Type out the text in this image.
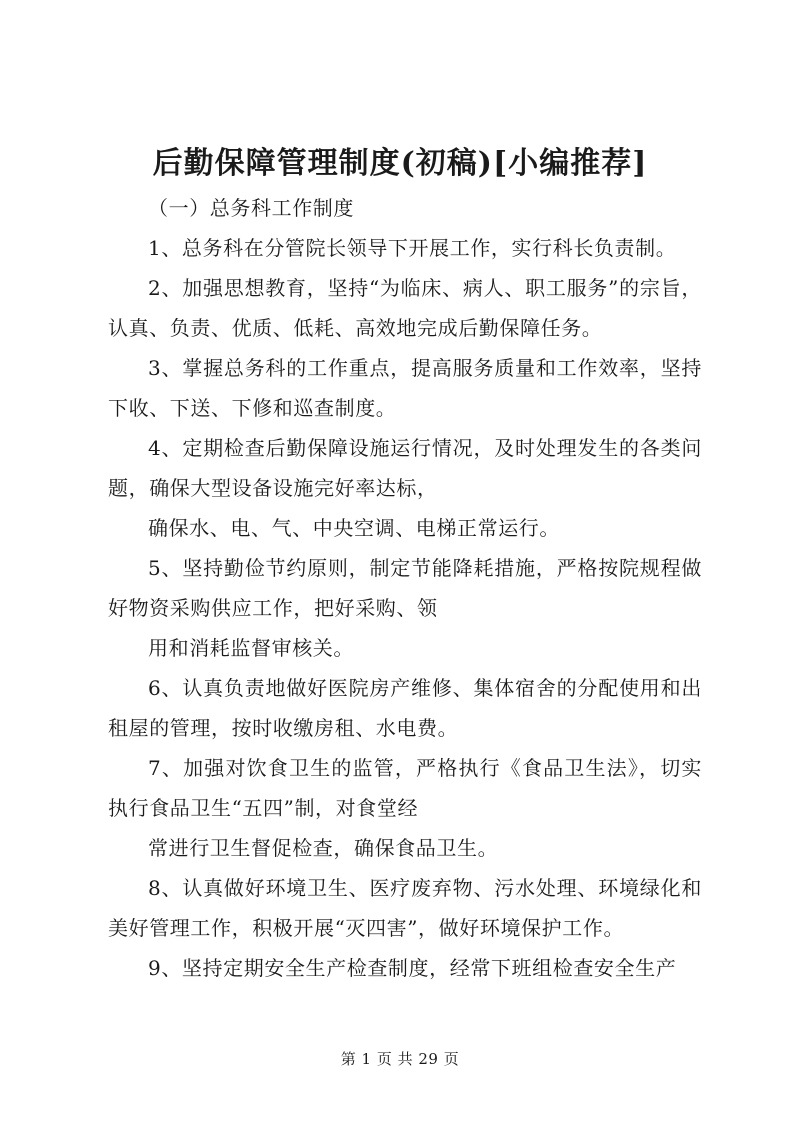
后勤保障管理制度(初稿)[小编推荐]

（一）总务科工作制度

1、总务科在分管院长领导下开展工作，实行科长负责制。

2、加强思想教育，坚持“为临床、病人、职工服务”的宗旨，认真、负责、优质、低耗、高效地完成后勤保障任务。

3、掌握总务科的工作重点，提高服务质量和工作效率，坚持下收、下送、下修和巡查制度。

4、定期检查后勤保障设施运行情况，及时处理发生的各类问题，确保大型设备设施完好率达标，

确保水、电、气、中央空调、电梯正常运行。

5、坚持勤俭节约原则，制定节能降耗措施，严格按院规程做好物资采购供应工作，把好采购、领

用和消耗监督审核关。

6、认真负责地做好医院房产维修、集体宿舍的分配使用和出租屋的管理，按时收缴房租、水电费。

7、加强对饮食卫生的监管，严格执行《食品卫生法》，切实执行食品卫生“五四”制，对食堂经

常进行卫生督促检查，确保食品卫生。

8、认真做好环境卫生、医疗废弃物、污水处理、环境绿化和美好管理工作，积极开展“灭四害”，做好环境保护工作。

9、坚持定期安全生产检查制度，经常下班组检查安全生产

第 1 页 共 29 页
